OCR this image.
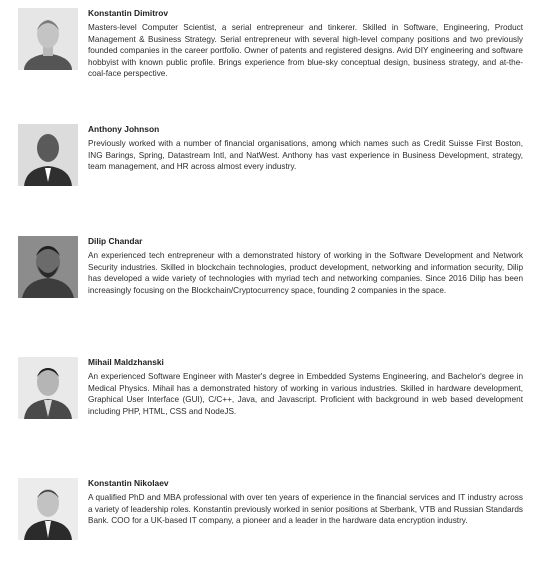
Konstantin Dimitrov

Masters-level Computer Scientist, a serial entrepreneur and tinkerer. Skilled in Software, Engineering, Product Management & Business Strategy. Serial entrepreneur with several high-level company positions and two previously founded companies in the career portfolio. Owner of patents and registered designs. Avid DIY engineering and software hobbyist with known public profile. Brings experience from blue-sky conceptual design, business strategy, and at-the-coal-face perspective.

Anthony Johnson

Previously worked with a number of financial organisations, among which names such as Credit Suisse First Boston, ING Barings, Spring, Datastream Intl, and NatWest. Anthony has vast experience in Business Development, strategy, team management, and HR across almost every industry.

Dilip Chandar

An experienced tech entrepreneur with a demonstrated history of working in the Software Development and Network Security industries. Skilled in blockchain technologies, product development, networking and information security, Dilip has developed a wide variety of technologies with myriad tech and networking companies. Since 2016 Dilip has been increasingly focusing on the Blockchain/Cryptocurrency space, founding 2 companies in the space.

Mihail Maldzhanski

An experienced Software Engineer with Master's degree in Embedded Systems Engineering, and Bachelor's degree in Medical Physics. Mihail has a demonstrated history of working in various industries. Skilled in hardware development, Graphical User Interface (GUI), C/C++, Java, and Javascript. Proficient with background in web based development including PHP, HTML, CSS and NodeJS.

Konstantin Nikolaev

A qualified PhD and MBA professional with over ten years of experience in the financial services and IT industry across a variety of leadership roles. Konstantin previously worked in senior positions at Sberbank, VTB and Russian Standards Bank. COO for a UK-based IT company, a pioneer and a leader in the hardware data encryption industry.
